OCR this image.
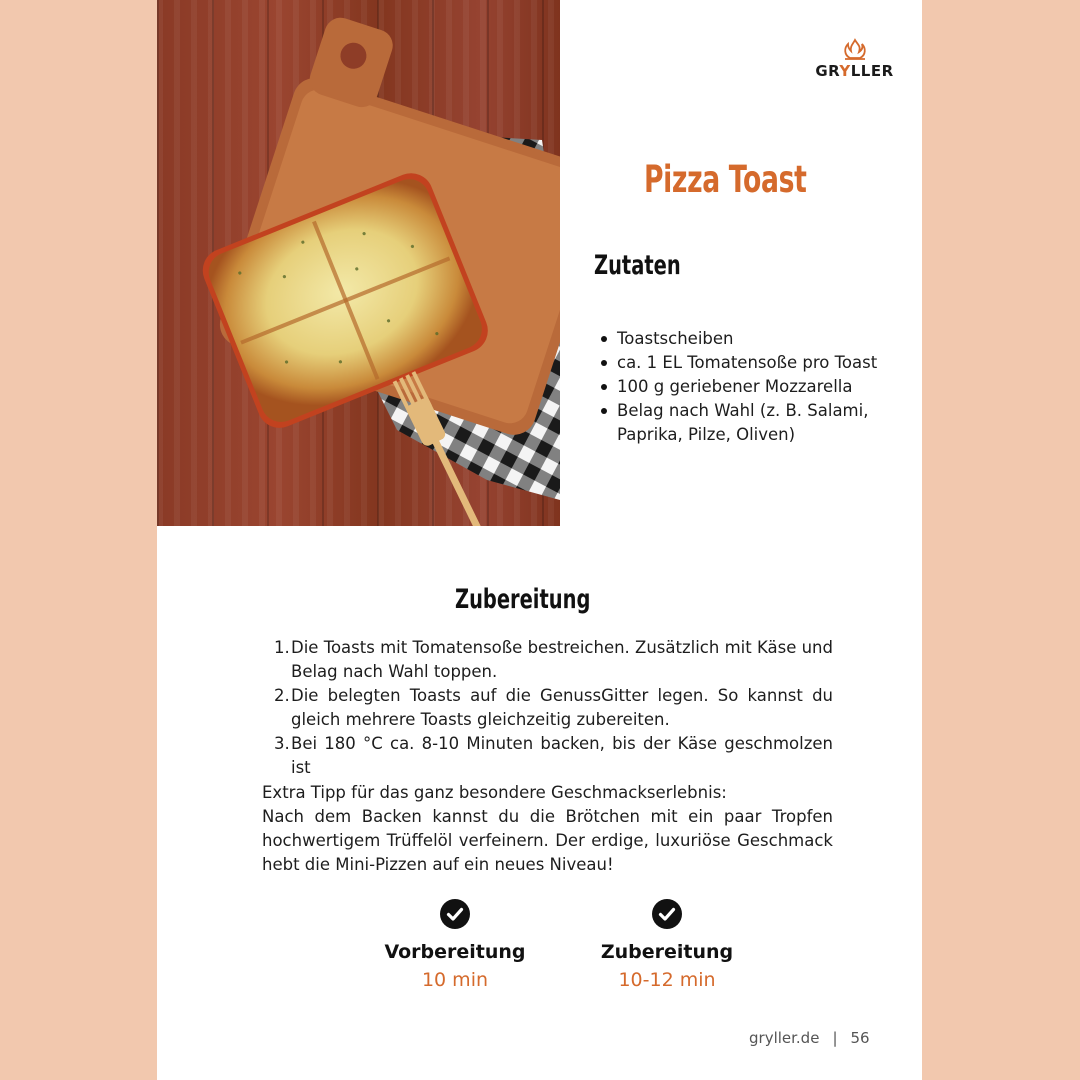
GRYLLER
Pizza Toast
Zutaten
Toastscheiben
ca. 1 EL Tomatensoße pro Toast
100 g geriebener Mozzarella
Belag nach Wahl (z. B. Salami, Paprika, Pilze, Oliven)
Zubereitung
1. Die Toasts mit Tomatensoße bestreichen. Zusätzlich mit Käse und Belag nach Wahl toppen.
2. Die belegten Toasts auf die GenussGitter legen. So kannst du gleich mehrere Toasts gleichzeitig zubereiten.
3. Bei 180 °C ca. 8-10 Minuten backen, bis der Käse geschmolzen ist

Extra Tipp für das ganz besondere Geschmackserlebnis:

Nach dem Backen kannst du die Brötchen mit ein paar Tropfen hochwertigem Trüffelöl verfeinern. Der erdige, luxuriöse Geschmack hebt die Mini-Pizzen auf ein neues Niveau!

Vorbereitung
10 min
Zubereitung
10-12 min
gryller.de | 56
